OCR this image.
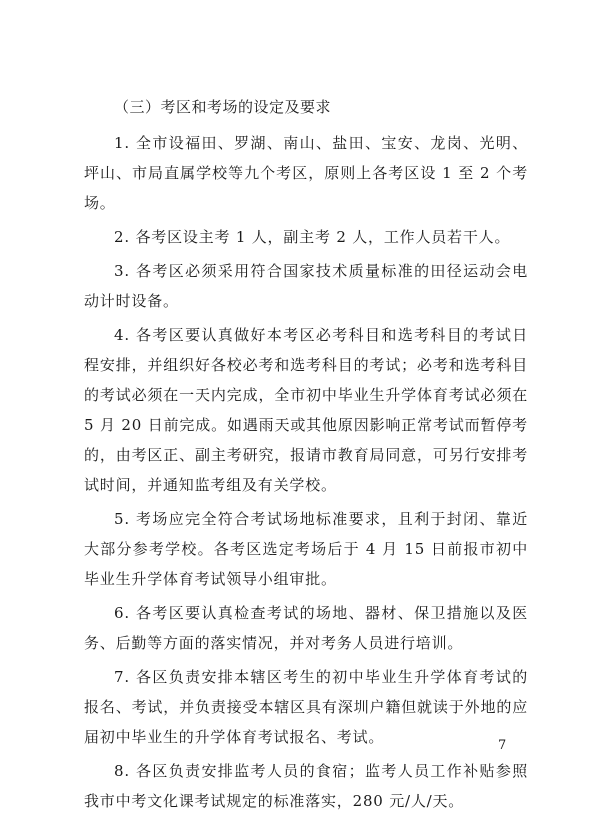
（三）考区和考场的设定及要求

1. 全市设福田、罗湖、南山、盐田、宝安、龙岗、光明、坪山、市局直属学校等九个考区，原则上各考区设 1 至 2 个考场。

2. 各考区设主考 1 人，副主考 2 人，工作人员若干人。

3. 各考区必须采用符合国家技术质量标准的田径运动会电动计时设备。

4. 各考区要认真做好本考区必考科目和选考科目的考试日程安排，并组织好各校必考和选考科目的考试；必考和选考科目的考试必须在一天内完成，全市初中毕业生升学体育考试必须在 5 月 20 日前完成。如遇雨天或其他原因影响正常考试而暂停考的，由考区正、副主考研究，报请市教育局同意，可另行安排考试时间，并通知监考组及有关学校。

5. 考场应完全符合考试场地标准要求，且利于封闭、靠近大部分参考学校。各考区选定考场后于 4 月 15 日前报市初中毕业生升学体育考试领导小组审批。

6. 各考区要认真检查考试的场地、器材、保卫措施以及医务、后勤等方面的落实情况，并对考务人员进行培训。

7. 各区负责安排本辖区考生的初中毕业生升学体育考试的报名、考试，并负责接受本辖区具有深圳户籍但就读于外地的应届初中毕业生的升学体育考试报名、考试。

8. 各区负责安排监考人员的食宿；监考人员工作补贴参照我市中考文化课考试规定的标准落实，280 元/人/天。

7
